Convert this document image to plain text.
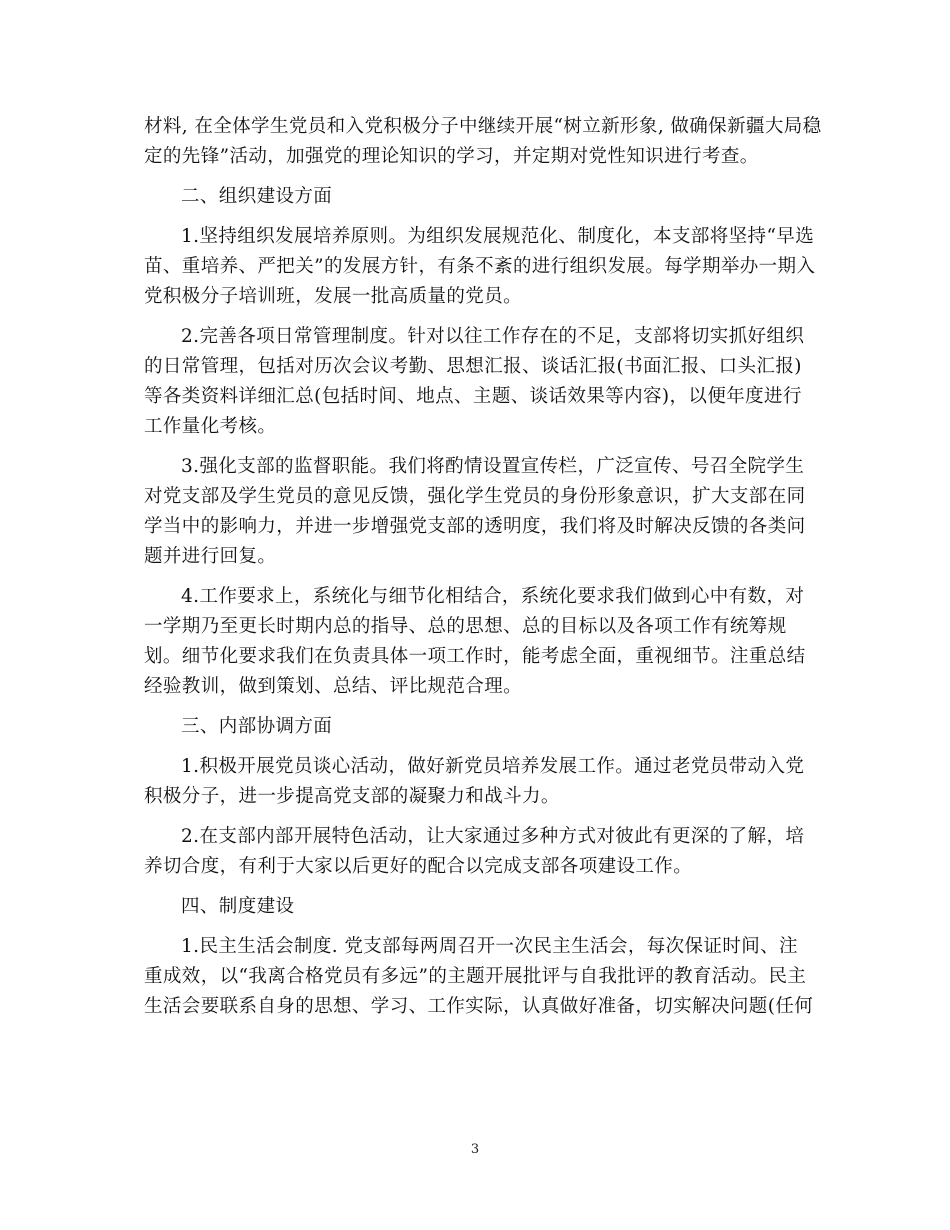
材料, 在全体学生党员和入党积极分子中继续开展“树立新形象, 做确保新疆大局稳
定的先锋”活动，加强党的理论知识的学习，并定期对党性知识进行考查。

二、组织建设方面

1.坚持组织发展培养原则。为组织发展规范化、制度化，本支部将坚持“早选
苗、重培养、严把关”的发展方针，有条不紊的进行组织发展。每学期举办一期入
党积极分子培训班，发展一批高质量的党员。

2.完善各项日常管理制度。针对以往工作存在的不足，支部将切实抓好组织
的日常管理，包括对历次会议考勤、思想汇报、谈话汇报(书面汇报、口头汇报)
等各类资料详细汇总(包括时间、地点、主题、谈话效果等内容)，以便年度进行
工作量化考核。

3.强化支部的监督职能。我们将酌情设置宣传栏，广泛宣传、号召全院学生
对党支部及学生党员的意见反馈，强化学生党员的身份形象意识，扩大支部在同
学当中的影响力，并进一步增强党支部的透明度，我们将及时解决反馈的各类问
题并进行回复。

4.工作要求上，系统化与细节化相结合，系统化要求我们做到心中有数，对
一学期乃至更长时期内总的指导、总的思想、总的目标以及各项工作有统筹规
划。细节化要求我们在负责具体一项工作时，能考虑全面，重视细节。注重总结
经验教训，做到策划、总结、评比规范合理。

三、内部协调方面

1.积极开展党员谈心活动，做好新党员培养发展工作。通过老党员带动入党
积极分子，进一步提高党支部的凝聚力和战斗力。

2.在支部内部开展特色活动，让大家通过多种方式对彼此有更深的了解，培
养切合度，有利于大家以后更好的配合以完成支部各项建设工作。

四、制度建设

1.民主生活会制度. 党支部每两周召开一次民主生活会，每次保证时间、注
重成效，以“我离合格党员有多远”的主题开展批评与自我批评的教育活动。民主
生活会要联系自身的思想、学习、工作实际，认真做好准备，切实解决问题(任何

3
